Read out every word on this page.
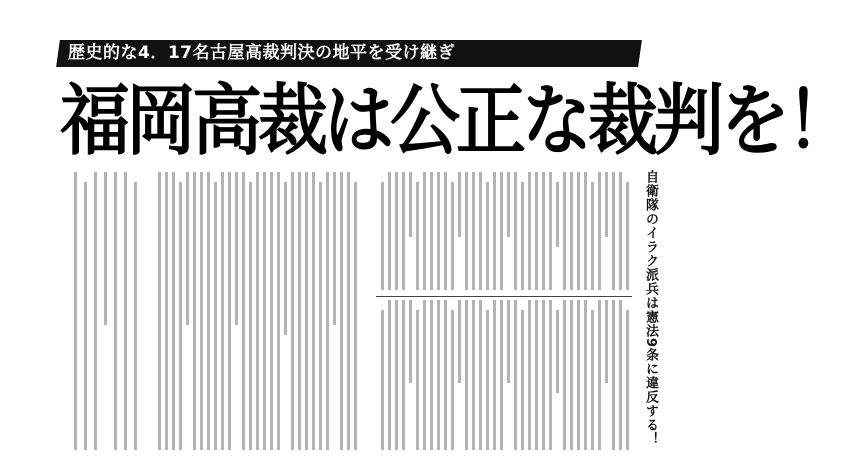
歴史的な4．17名古屋高裁判決の地平を受け継ぎ
福岡高裁は公正な裁判を！
自衛隊のイラク派兵は憲法9条に違反する！
